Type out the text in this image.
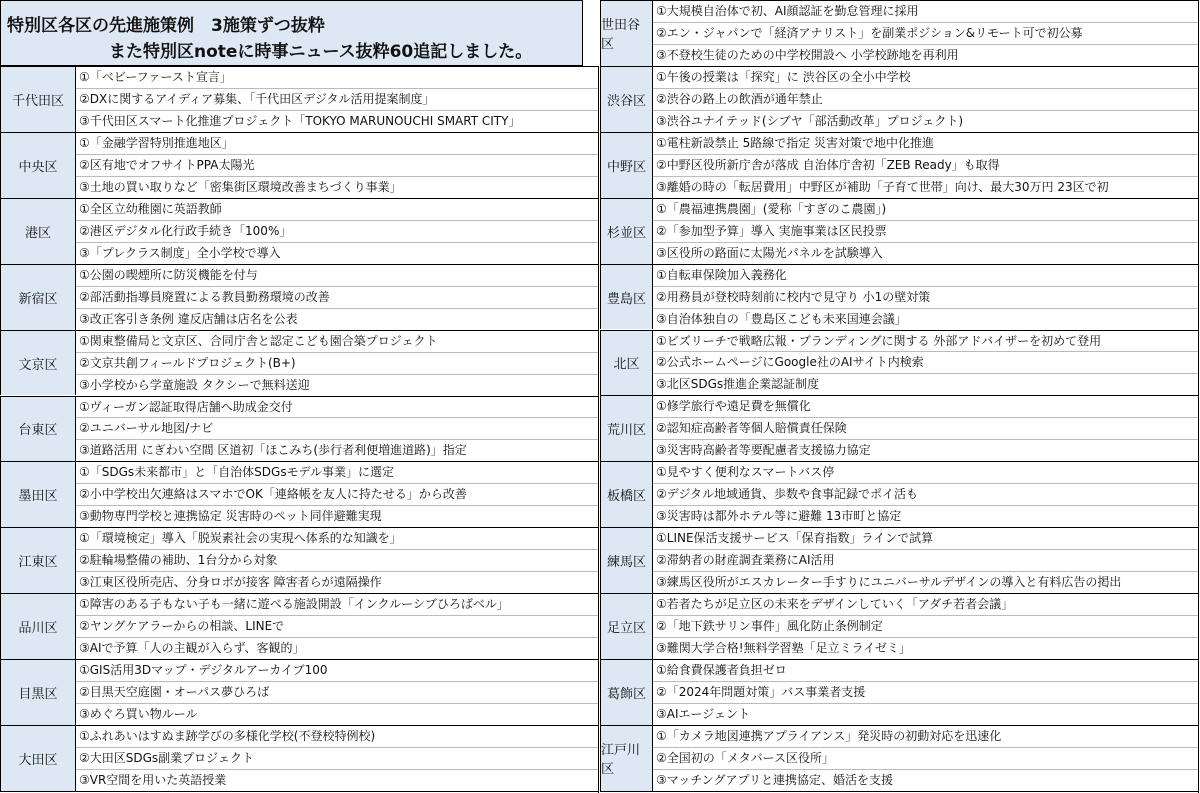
特別区各区の先進施策例　3施策ずつ抜粋
また特別区noteに時事ニュース抜粋60追記しました。
千代田区
①「ベビーファースト宣言」
②DXに関するアイディア募集、「千代田区デジタル活用提案制度」
③千代田区スマート化推進プロジェクト「TOKYO MARUNOUCHI SMART CITY」
中央区
①「金融学習特別推進地区」
②区有地でオフサイトPPA太陽光
③土地の買い取りなど「密集街区環境改善まちづくり事業」
港区
①全区立幼稚園に英語教師
②港区デジタル化行政手続き「100%」
③「プレクラス制度」全小学校で導入
新宿区
①公園の喫煙所に防災機能を付与
②部活動指導員廃置による教員勤務環境の改善
③改正客引き条例 違反店舗は店名を公表
文京区
①関東整備局と文京区、合同庁舎と認定こども園合築プロジェクト
②文京共創フィールドプロジェクト(B+)
③小学校から学童施設 タクシーで無料送迎
台東区
①ヴィーガン認証取得店舗へ助成金交付
②ユニバーサル地図/ナビ
③道路活用 にぎわい空間 区道初「ほこみち(歩行者利便増進道路)」指定
墨田区
①「SDGs未来都市」と「自治体SDGsモデル事業」に選定
②小中学校出欠連絡はスマホでOK「連絡帳を友人に持たせる」から改善
③動物専門学校と連携協定 災害時のペット同伴避難実現
江東区
①「環境検定」導入「脱炭素社会の実現へ体系的な知識を」
②駐輪場整備の補助、1台分から対象
③江東区役所売店、分身ロボが接客 障害者らが遠隔操作
品川区
①障害のある子もない子も一緒に遊べる施設開設「インクルーシブひろばベル」
②ヤングケアラーからの相談、LINEで
③AIで予算「人の主観が入らず、客観的」
目黒区
①GIS活用3Dマップ・デジタルアーカイブ100
②目黒天空庭園・オーパス夢ひろば
③めぐろ買い物ルール
大田区
①ふれあいはすぬま跡学びの多様化学校(不登校特例校)
②大田区SDGs副業プロジェクト
③VR空間を用いた英語授業
世田谷区
①大規模自治体で初、AI顔認証を勤怠管理に採用
②エン・ジャパンで「経済アナリスト」を副業ポジション&リモート可で初公募
③不登校生徒のための中学校開設へ 小学校跡地を再利用
渋谷区
①午後の授業は「探究」に 渋谷区の全小中学校
②渋谷の路上の飲酒が通年禁止
③渋谷ユナイテッド(シブヤ「部活動改革」プロジェクト)
中野区
①電柱新設禁止 5路線で指定 災害対策で地中化推進
②中野区役所新庁舎が落成 自治体庁舎初「ZEB Ready」も取得
③離婚の時の「転居費用」中野区が補助「子育て世帯」向け、最大30万円 23区で初
杉並区
①「農福連携農園」(愛称「すぎのこ農園」)
②「参加型予算」導入 実施事業は区民投票
③区役所の路面に太陽光パネルを試験導入
豊島区
①自転車保険加入義務化
②用務員が登校時刻前に校内で見守り 小1の壁対策
③自治体独自の「豊島区こども未来国連会議」
北区
①ビズリーチで戦略広報・ブランディングに関する 外部アドバイザーを初めて登用
②公式ホームページにGoogle社のAIサイト内検索
③北区SDGs推進企業認証制度
荒川区
①修学旅行や遠足費を無償化
②認知症高齢者等個人賠償責任保険
③災害時高齢者等要配慮者支援協力協定
板橋区
①見やすく便利なスマートバス停
②デジタル地域通貨、歩数や食事記録でポイ活も
③災害時は都外ホテル等に避難 13市町と協定
練馬区
①LINE保活支援サービス「保育指数」ラインで試算
②滞納者の財産調査業務にAI活用
③練馬区役所がエスカレーター手すりにユニバーサルデザインの導入と有料広告の掲出
足立区
①若者たちが足立区の未来をデザインしていく「アダチ若者会議」
②「地下鉄サリン事件」風化防止条例制定
③難関大学合格!無料学習塾「足立ミライゼミ」
葛飾区
①給食費保護者負担ゼロ
②「2024年問題対策」バス事業者支援
③AIエージェント
江戸川区
①「カメラ地図連携アプライアンス」発災時の初動対応を迅速化
②全国初の「メタバース区役所」
③マッチングアプリと連携協定、婚活を支援
